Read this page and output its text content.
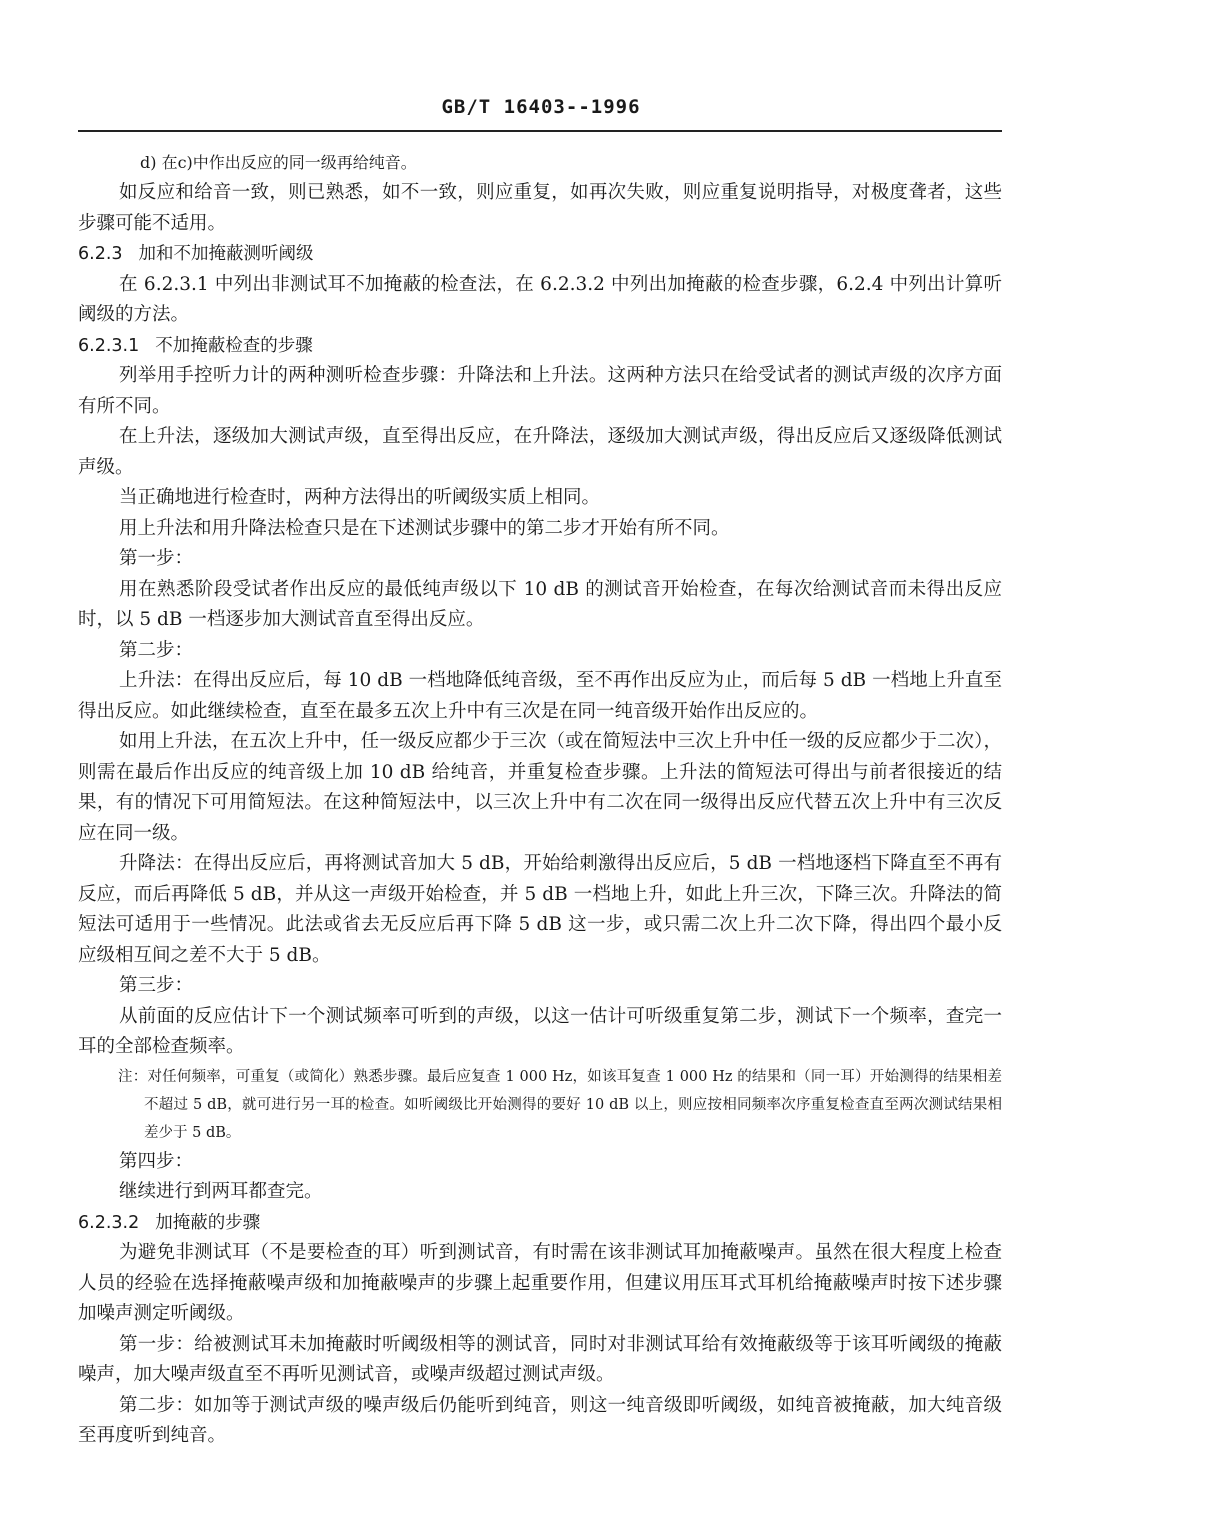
GB/T 16403--1996
d) 在c)中作出反应的同一级再给纯音。

如反应和给音一致，则已熟悉，如不一致，则应重复，如再次失败，则应重复说明指导，对极度聋者，这些步骤可能不适用。

6.2.3 加和不加掩蔽测听阈级

在 6.2.3.1 中列出非测试耳不加掩蔽的检查法，在 6.2.3.2 中列出加掩蔽的检查步骤，6.2.4 中列出计算听阈级的方法。

6.2.3.1 不加掩蔽检查的步骤

列举用手控听力计的两种测听检查步骤：升降法和上升法。这两种方法只在给受试者的测试声级的次序方面有所不同。

在上升法，逐级加大测试声级，直至得出反应，在升降法，逐级加大测试声级，得出反应后又逐级降低测试声级。

当正确地进行检查时，两种方法得出的听阈级实质上相同。

用上升法和用升降法检查只是在下述测试步骤中的第二步才开始有所不同。

第一步：

用在熟悉阶段受试者作出反应的最低纯声级以下 10 dB 的测试音开始检查，在每次给测试音而未得出反应时，以 5 dB 一档逐步加大测试音直至得出反应。

第二步：

上升法：在得出反应后，每 10 dB 一档地降低纯音级，至不再作出反应为止，而后每 5 dB 一档地上升直至得出反应。如此继续检查，直至在最多五次上升中有三次是在同一纯音级开始作出反应的。

如用上升法，在五次上升中，任一级反应都少于三次（或在简短法中三次上升中任一级的反应都少于二次），则需在最后作出反应的纯音级上加 10 dB 给纯音，并重复检查步骤。上升法的简短法可得出与前者很接近的结果，有的情况下可用简短法。在这种简短法中，以三次上升中有二次在同一级得出反应代替五次上升中有三次反应在同一级。

升降法：在得出反应后，再将测试音加大 5 dB，开始给刺激得出反应后，5 dB 一档地逐档下降直至不再有反应，而后再降低 5 dB，并从这一声级开始检查，并 5 dB 一档地上升，如此上升三次，下降三次。升降法的简短法可适用于一些情况。此法或省去无反应后再下降 5 dB 这一步，或只需二次上升二次下降，得出四个最小反应级相互间之差不大于 5 dB。

第三步：

从前面的反应估计下一个测试频率可听到的声级，以这一估计可听级重复第二步，测试下一个频率，查完一耳的全部检查频率。

注：对任何频率，可重复（或简化）熟悉步骤。最后应复查 1 000 Hz，如该耳复查 1 000 Hz 的结果和（同一耳）开始测得的结果相差不超过 5 dB，就可进行另一耳的检查。如听阈级比开始测得的要好 10 dB 以上，则应按相同频率次序重复检查直至两次测试结果相差少于 5 dB。

第四步：

继续进行到两耳都查完。

6.2.3.2 加掩蔽的步骤

为避免非测试耳（不是要检查的耳）听到测试音，有时需在该非测试耳加掩蔽噪声。虽然在很大程度上检查人员的经验在选择掩蔽噪声级和加掩蔽噪声的步骤上起重要作用，但建议用压耳式耳机给掩蔽噪声时按下述步骤加噪声测定听阈级。

第一步：给被测试耳未加掩蔽时听阈级相等的测试音，同时对非测试耳给有效掩蔽级等于该耳听阈级的掩蔽噪声，加大噪声级直至不再听见测试音，或噪声级超过测试声级。

第二步：如加等于测试声级的噪声级后仍能听到纯音，则这一纯音级即听阈级，如纯音被掩蔽，加大纯音级至再度听到纯音。
